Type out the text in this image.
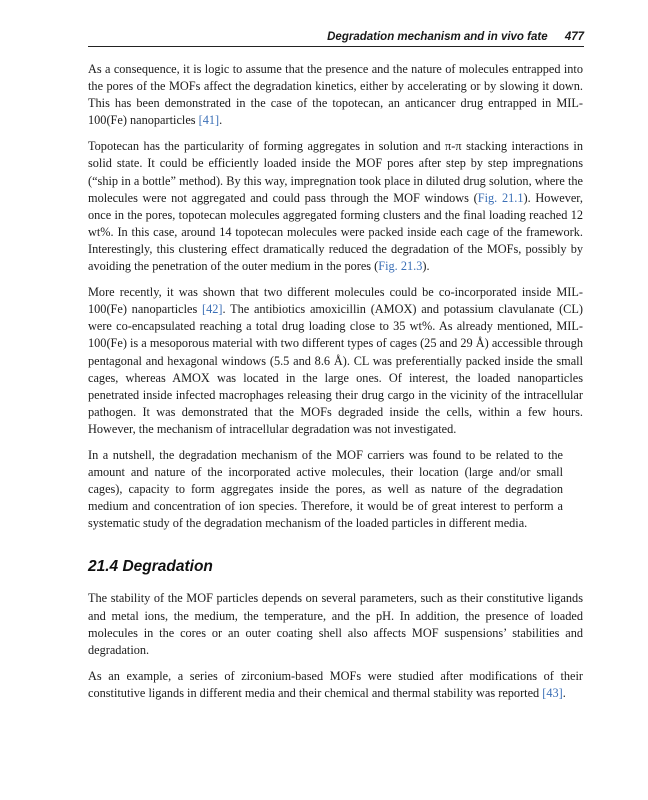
Degradation mechanism and in vivo fate 477

As a consequence, it is logic to assume that the presence and the nature of molecules entrapped into the pores of the MOFs affect the degradation kinetics, either by accelerating or by slowing it down. This has been demonstrated in the case of the topotecan, an anticancer drug entrapped in MIL-100(Fe) nanoparticles [41].

Topotecan has the particularity of forming aggregates in solution and π-π stacking interactions in solid state. It could be efficiently loaded inside the MOF pores after step by step impregnations (“ship in a bottle” method). By this way, impregnation took place in diluted drug solution, where the molecules were not aggregated and could pass through the MOF windows (Fig. 21.1). However, once in the pores, topotecan molecules aggregated forming clusters and the final loading reached 12 wt%. In this case, around 14 topotecan molecules were packed inside each cage of the framework. Interestingly, this clustering effect dramatically reduced the degradation of the MOFs, possibly by avoiding the penetration of the outer medium in the pores (Fig. 21.3).

More recently, it was shown that two different molecules could be co-incorporated inside MIL-100(Fe) nanoparticles [42]. The antibiotics amoxicillin (AMOX) and potassium clavulanate (CL) were co-encapsulated reaching a total drug loading close to 35 wt%. As already mentioned, MIL-100(Fe) is a mesoporous material with two different types of cages (25 and 29 Å) accessible through pentagonal and hexagonal windows (5.5 and 8.6 Å). CL was preferentially packed inside the small cages, whereas AMOX was located in the large ones. Of interest, the loaded nanoparticles penetrated inside infected macrophages releasing their drug cargo in the vicinity of the intracellular pathogen. It was demonstrated that the MOFs degraded inside the cells, within a few hours. However, the mechanism of intracellular degradation was not investigated.

In a nutshell, the degradation mechanism of the MOF carriers was found to be related to the amount and nature of the incorporated active molecules, their location (large and/or small cages), capacity to form aggregates inside the pores, as well as nature of the degradation medium and concentration of ion species. Therefore, it would be of great interest to perform a systematic study of the degradation mechanism of the loaded particles in different media.

21.4 Degradation

The stability of the MOF particles depends on several parameters, such as their constitutive ligands and metal ions, the medium, the temperature, and the pH. In addition, the presence of loaded molecules in the cores or an outer coating shell also affects MOF suspensions’ stabilities and degradation.

As an example, a series of zirconium-based MOFs were studied after modifications of their constitutive ligands in different media and their chemical and thermal stability was reported [43].
